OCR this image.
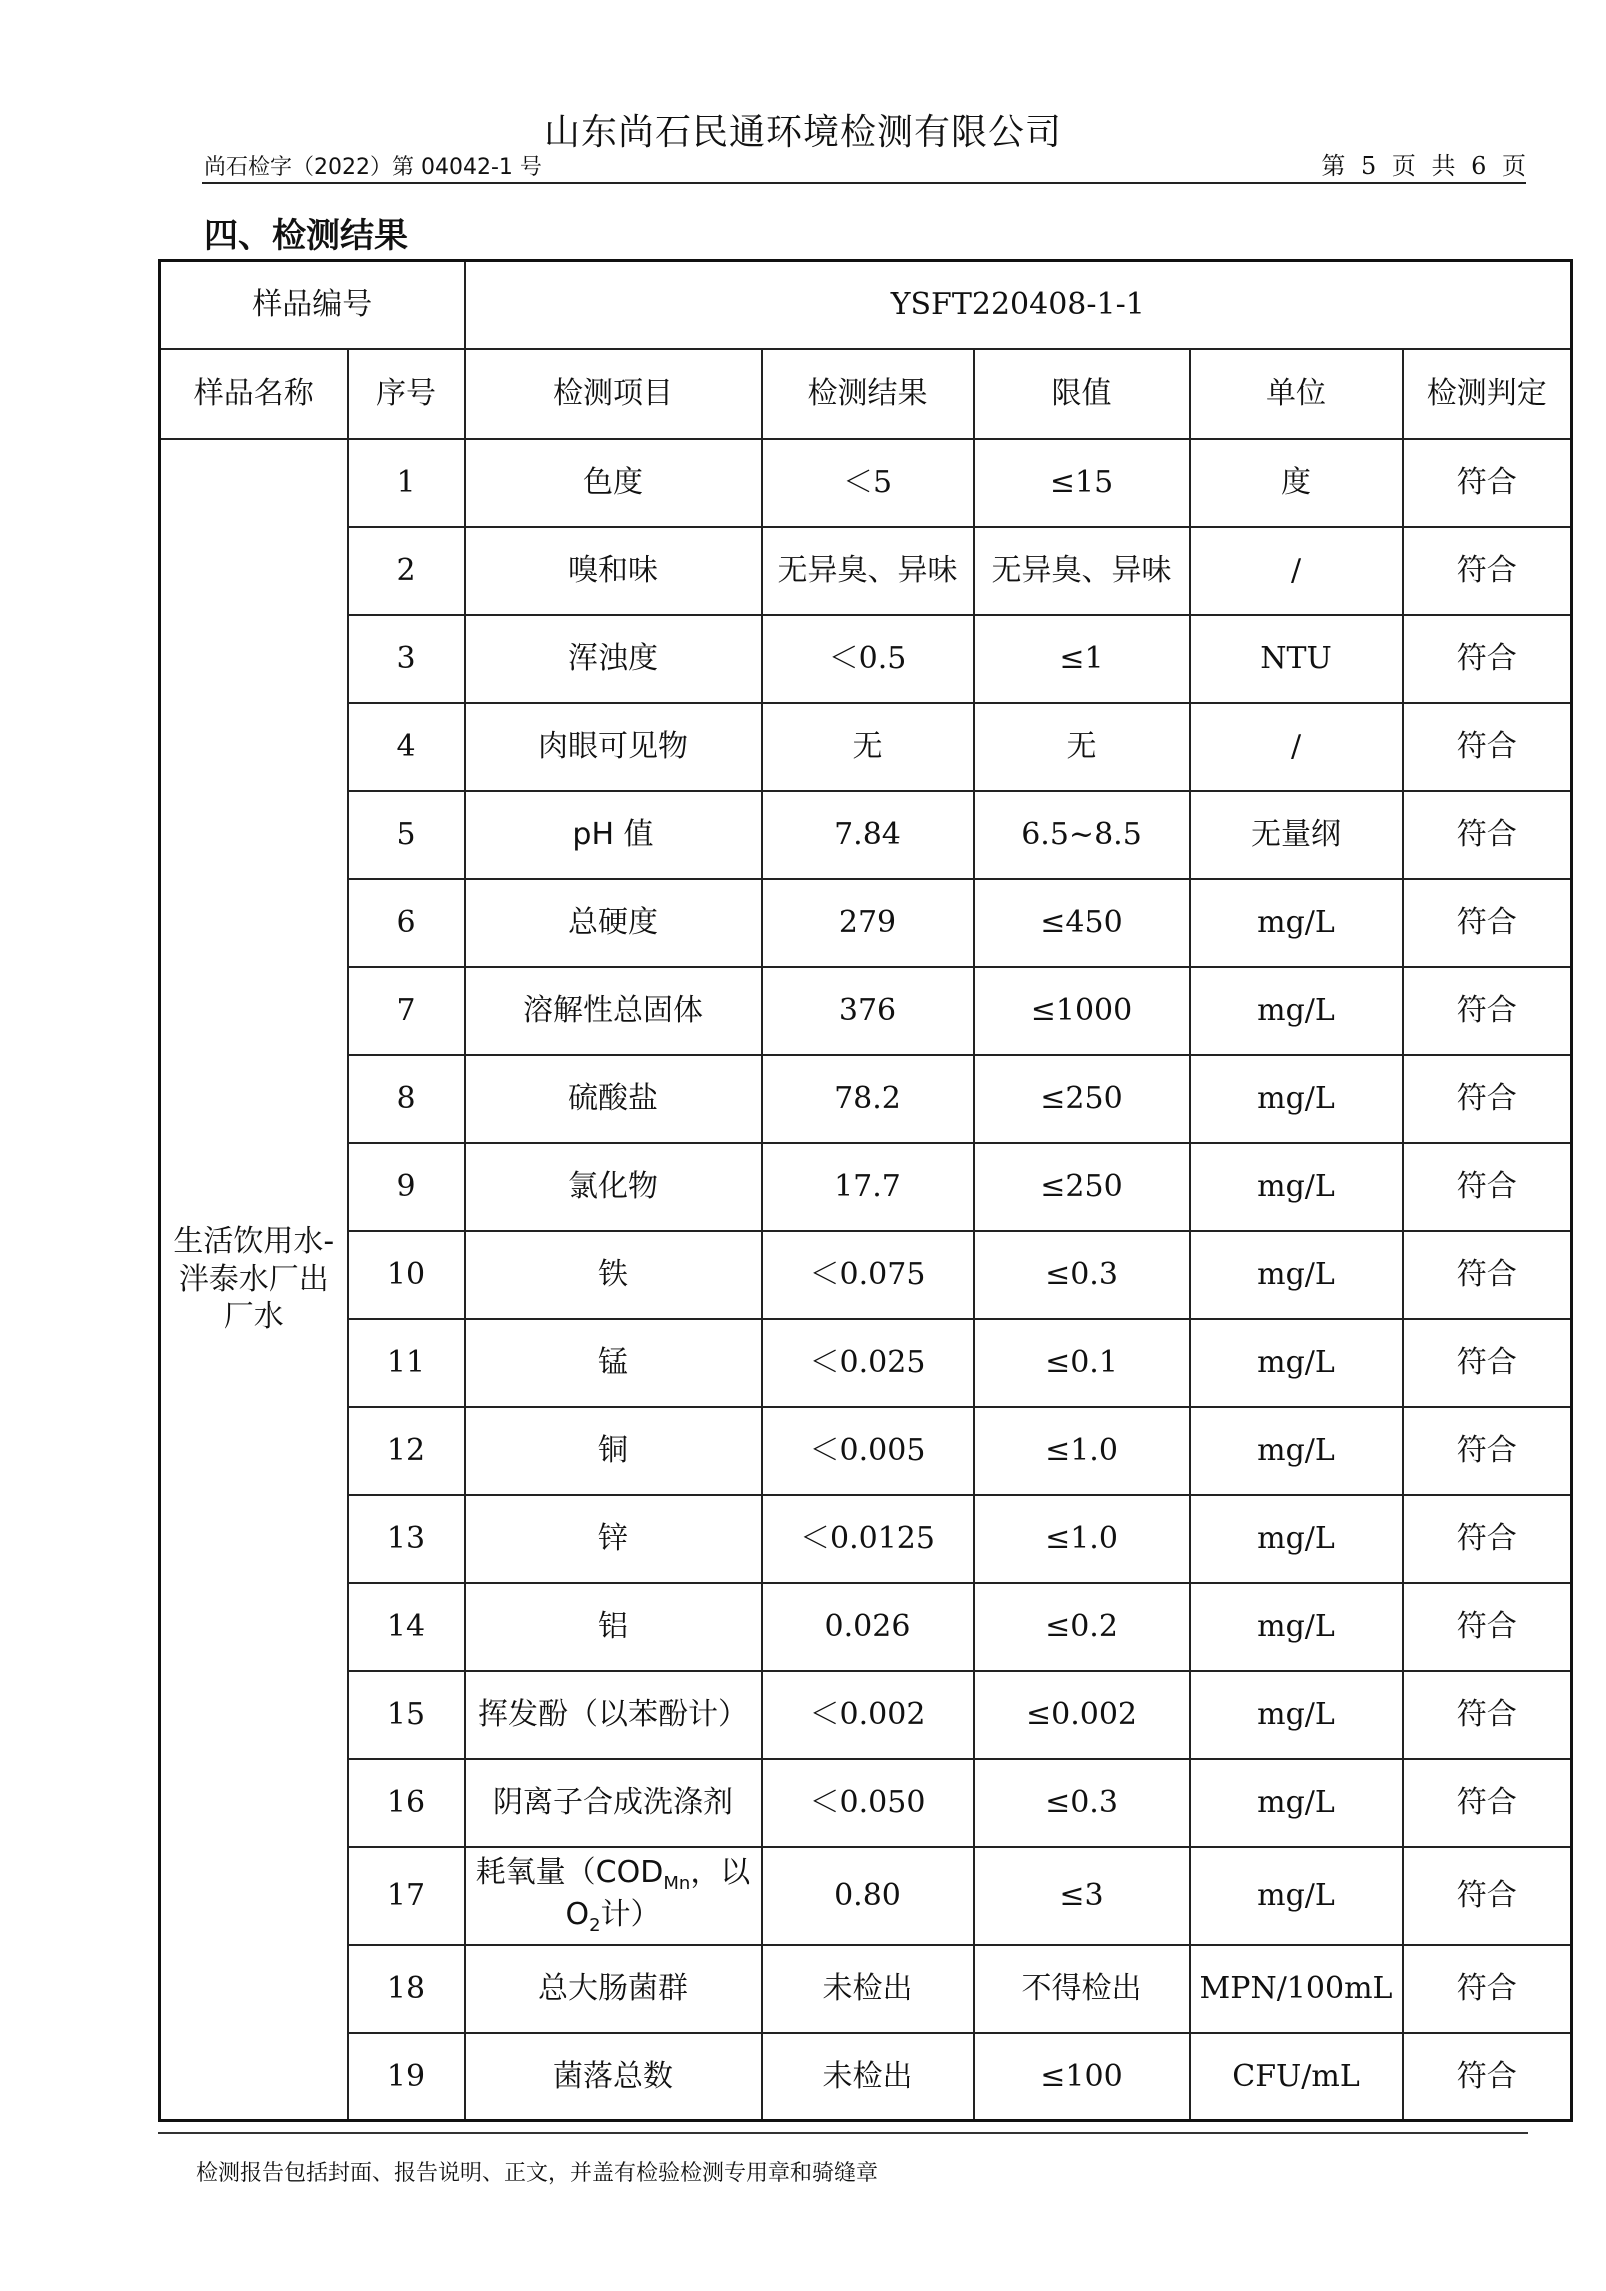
山东尚石民通环境检测有限公司
尚石检字（2022）第 04042-1 号	第 5 页 共 6 页
四、检测结果
样品编号		YSFT220408-1-1				
样品名称	序号	检测项目	检测结果	限值	单位	检测判定
生活饮用水-泮泰水厂出厂水	1	色度	＜5	≤15	度	符合
	2	嗅和味	无异臭、异味	无异臭、异味	/	符合
	3	浑浊度	＜0.5	≤1	NTU	符合
	4	肉眼可见物	无	无	/	符合
	5	pH 值	7.84	6.5~8.5	无量纲	符合
	6	总硬度	279	≤450	mg/L	符合
	7	溶解性总固体	376	≤1000	mg/L	符合
	8	硫酸盐	78.2	≤250	mg/L	符合
	9	氯化物	17.7	≤250	mg/L	符合
	10	铁	＜0.075	≤0.3	mg/L	符合
	11	锰	＜0.025	≤0.1	mg/L	符合
	12	铜	＜0.005	≤1.0	mg/L	符合
	13	锌	＜0.0125	≤1.0	mg/L	符合
	14	铝	0.026	≤0.2	mg/L	符合
	15	挥发酚（以苯酚计）	＜0.002	≤0.002	mg/L	符合
	16	阴离子合成洗涤剂	＜0.050	≤0.3	mg/L	符合
	17	耗氧量（$COD_{Mn}$，以 $O_2$计）	0.80	≤3	mg/L	符合
	18	总大肠菌群	未检出	不得检出	MPN/100mL	符合
	19	菌落总数	未检出	≤100	CFU/mL	符合
检测报告包括封面、报告说明、正文，并盖有检验检测专用章和骑缝章
